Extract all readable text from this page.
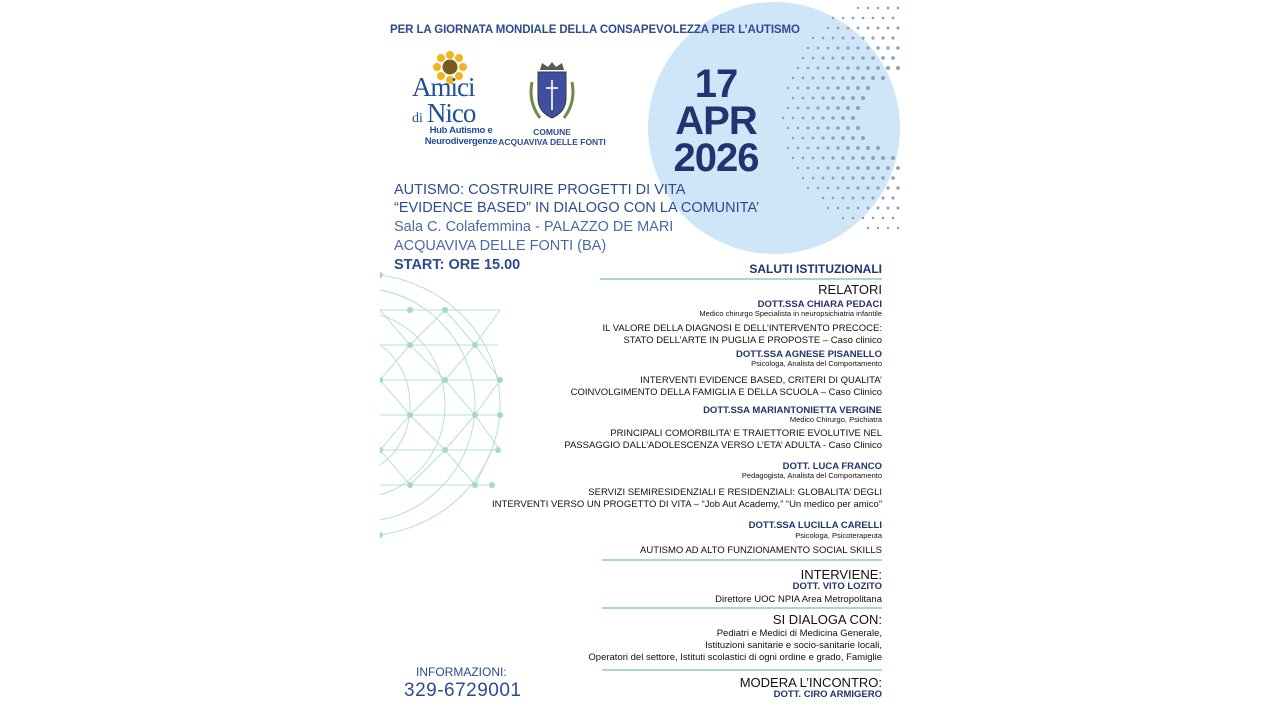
PER LA GIORNATA MONDIALE DELLA CONSAPEVOLEZZA PER L’AUTISMO
Amici
di Nico
Hub Autismo e
Neurodivergenze
COMUNE
ACQUAVIVA DELLE FONTI
17
APR
2026
AUTISMO: COSTRUIRE PROGETTI DI VITA
“EVIDENCE BASED” IN DIALOGO CON LA COMUNITA’
Sala C. Colafemmina - PALAZZO DE MARI
ACQUAVIVA DELLE FONTI (BA)
START: ORE 15.00	SALUTI ISTITUZIONALI
RELATORI
DOTT.SSA CHIARA PEDACI
Medico chirurgo Specialista in neuropsichiatria infantile
IL VALORE DELLA DIAGNOSI E DELL’INTERVENTO PRECOCE:
STATO DELL’ARTE IN PUGLIA E PROPOSTE – Caso clinico
DOTT.SSA AGNESE PISANELLO
Psicologa, Analista del Comportamento
INTERVENTI EVIDENCE BASED, CRITERI DI QUALITA’
COINVOLGIMENTO DELLA FAMIGLIA E DELLA SCUOLA – Caso Clinico
DOTT.SSA MARIANTONIETTA VERGINE
Medico Chirurgo, Psichiatra
PRINCIPALI COMORBILITA’ E TRAIETTORIE EVOLUTIVE NEL
PASSAGGIO DALL’ADOLESCENZA VERSO L’ETA’ ADULTA - Caso Clinico
DOTT. LUCA FRANCO
Pedagogista, Analista del Comportamento
SERVIZI SEMIRESIDENZIALI E RESIDENZIALI: GLOBALITA’ DEGLI
INTERVENTI VERSO UN PROGETTO DI VITA – “Job Aut Academy,” “Un medico per amico”
DOTT.SSA LUCILLA CARELLI
Psicologa, Psicoterapeuta
AUTISMO AD ALTO FUNZIONAMENTO SOCIAL SKILLS
INTERVIENE:
DOTT. VITO LOZITO
Direttore UOC NPIA Area Metropolitana
SI DIALOGA CON:
Pediatri e Medici di Medicina Generale,
Istituzioni sanitarie e socio-sanitarie locali,
Operatori del settore, Istituti scolastici di ogni ordine e grado, Famiglie
MODERA L’INCONTRO:
DOTT. CIRO ARMIGERO
INFORMAZIONI:
329-6729001
